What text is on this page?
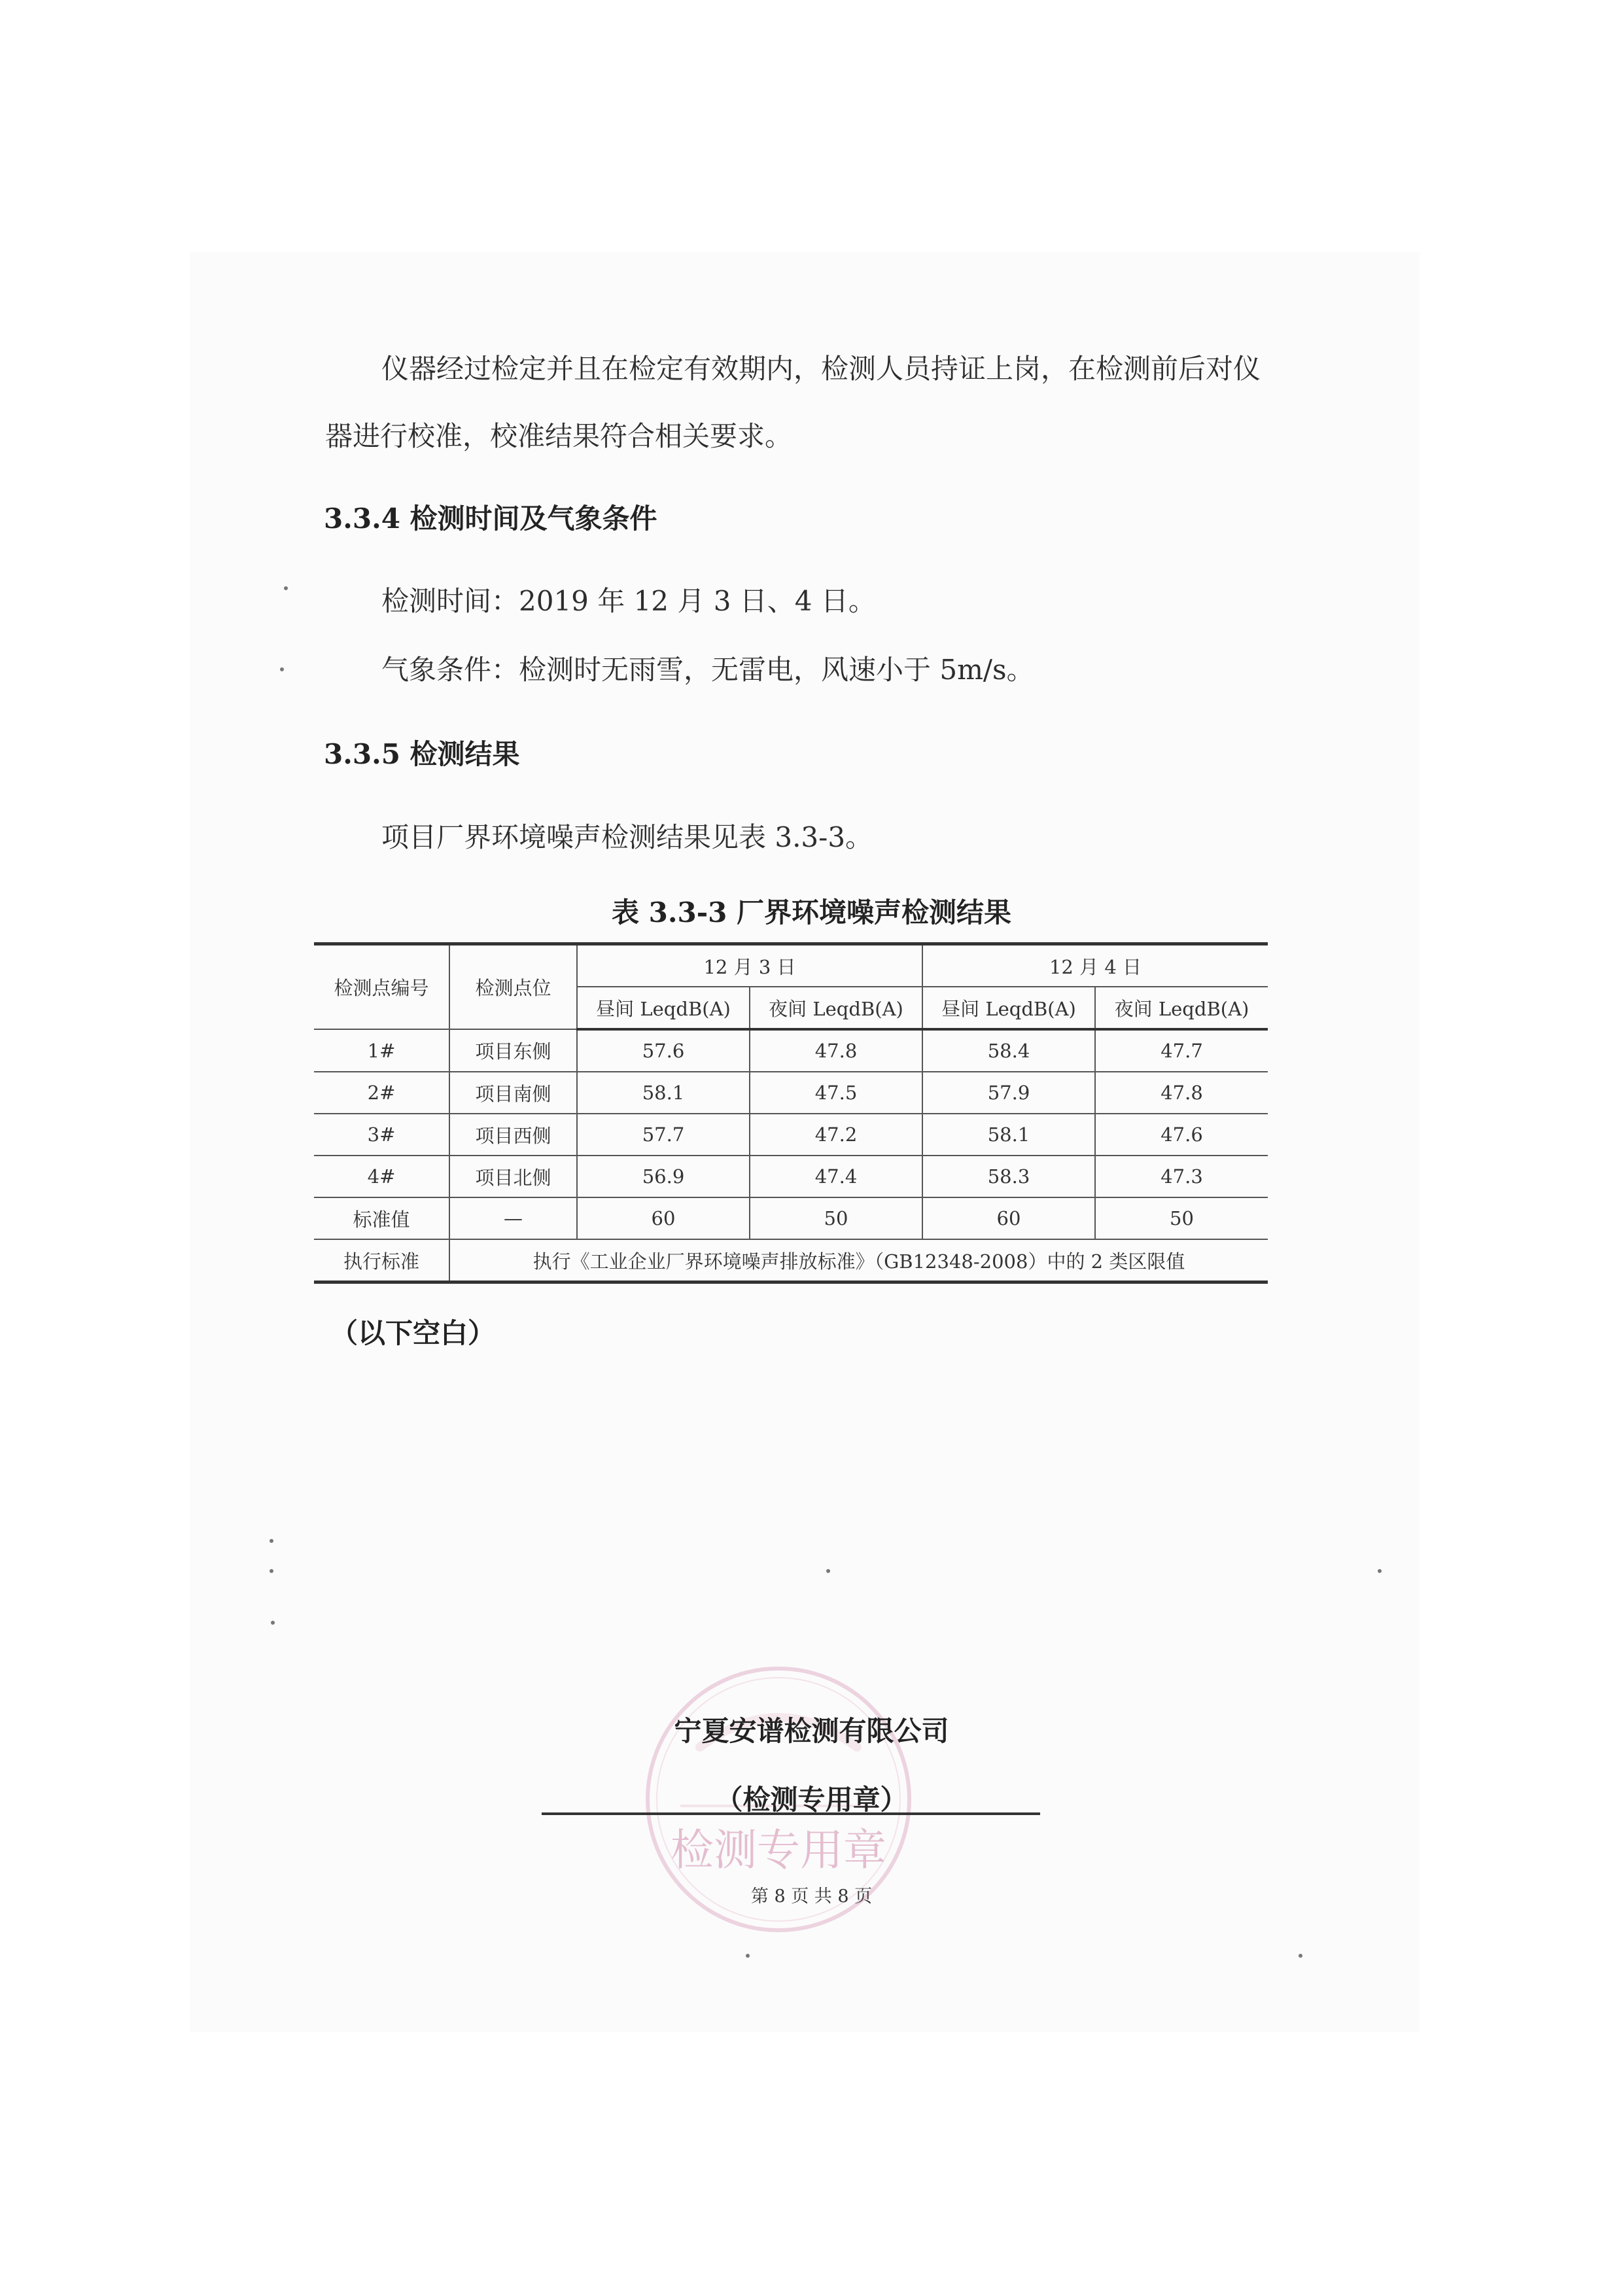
仪器经过检定并且在检定有效期内，检测人员持证上岗，在检测前后对仪
器进行校准，校准结果符合相关要求。
3.3.4 检测时间及气象条件
检测时间：2019 年 12 月 3 日、4 日。
气象条件：检测时无雨雪，无雷电，风速小于 5m/s。
3.3.5 检测结果
项目厂界环境噪声检测结果见表 3.3-3。
表 3.3-3 厂界环境噪声检测结果
检测点编号	检测点位	12 月 3 日		12 月 4 日	
		昼间 LeqdB(A)	夜间 LeqdB(A)	昼间 LeqdB(A)	夜间 LeqdB(A)
1#	项目东侧	57.6	47.8	58.4	47.7
2#	项目南侧	58.1	47.5	57.9	47.8
3#	项目西侧	57.7	47.2	58.1	47.6
4#	项目北侧	56.9	47.4	58.3	47.3
标准值	—	60	50	60	50
执行标准	执行《工业企业厂界环境噪声排放标准》（GB12348-2008）中的 2 类区限值				
（以下空白）
检测专用章
宁夏安谱检测有限公司
（检测专用章）
第 8 页 共 8 页
